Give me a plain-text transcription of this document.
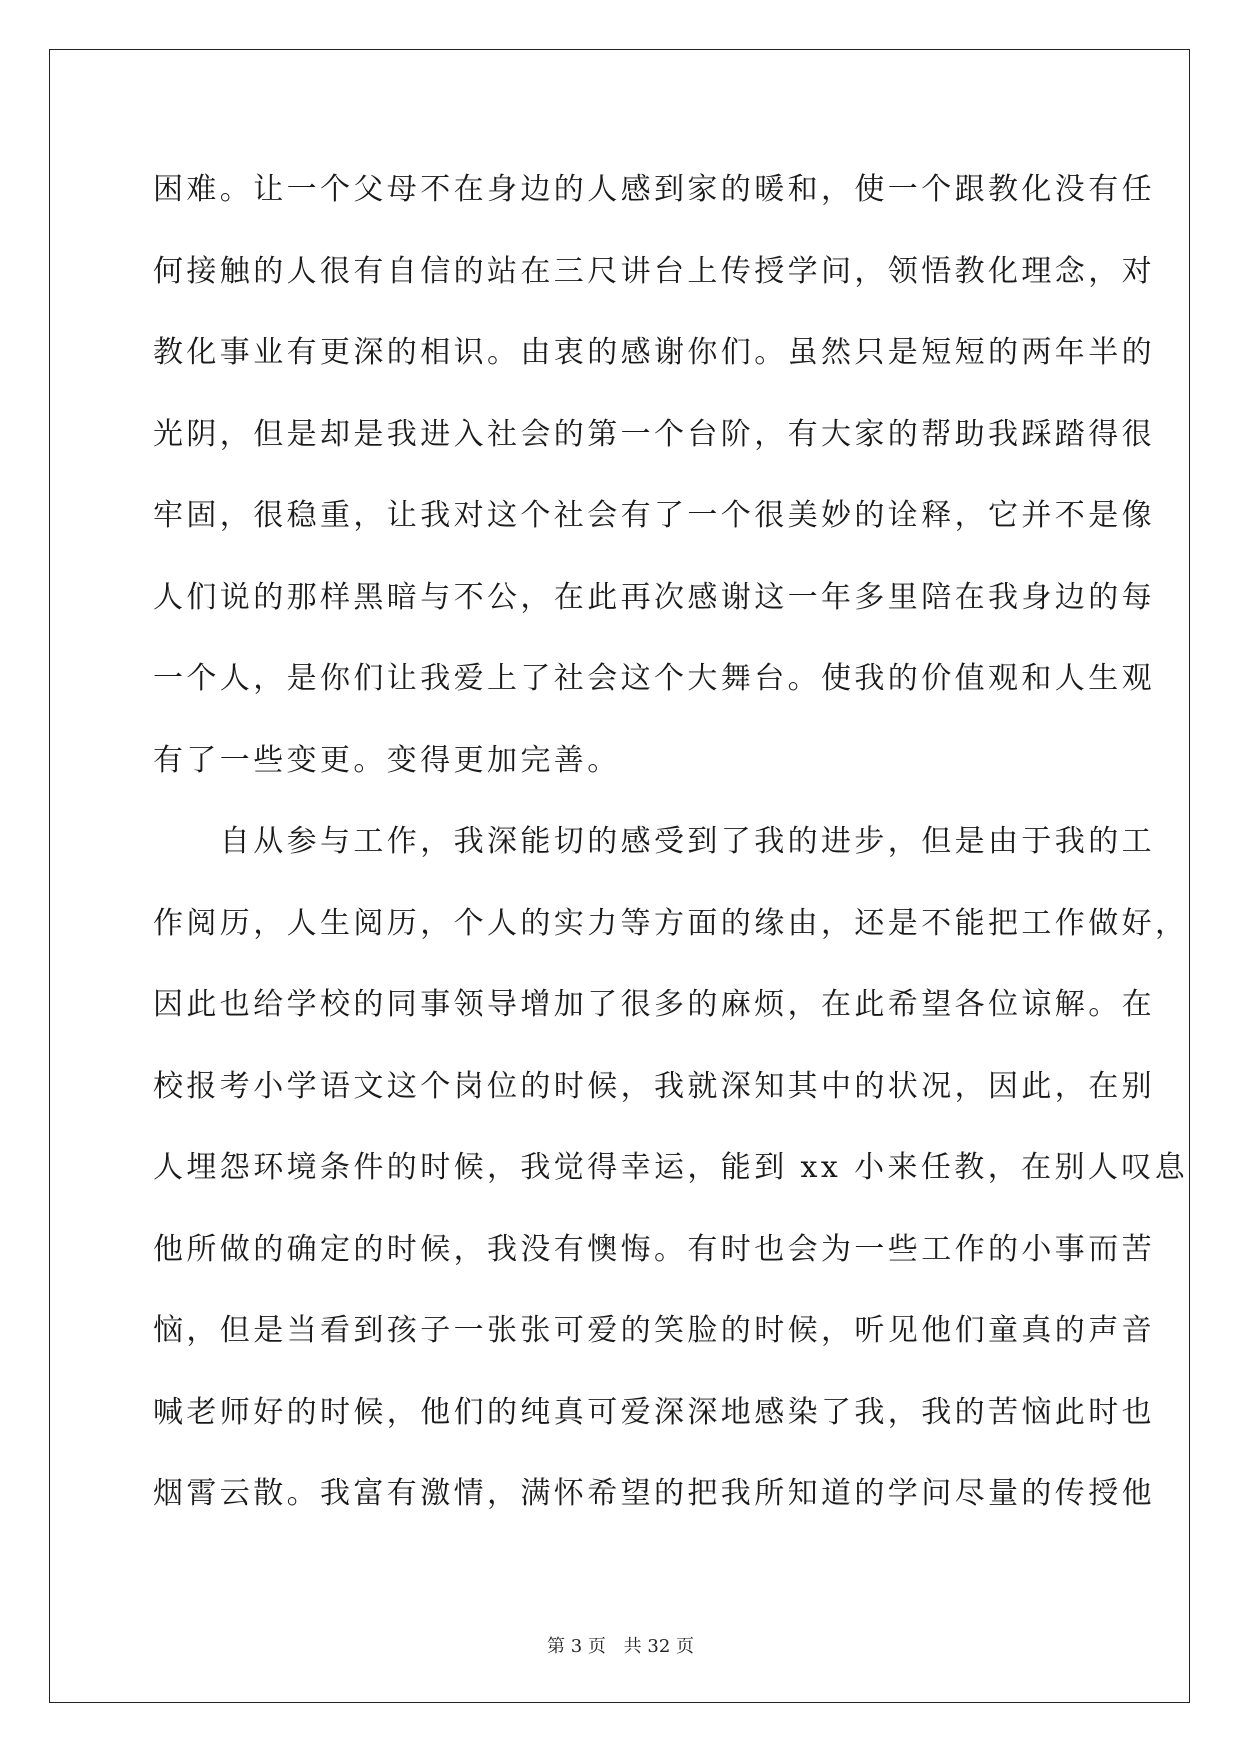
困难。让一个父母不在身边的人感到家的暖和，使一个跟教化没有任
何接触的人很有自信的站在三尺讲台上传授学问，领悟教化理念，对
教化事业有更深的相识。由衷的感谢你们。虽然只是短短的两年半的
光阴，但是却是我进入社会的第一个台阶，有大家的帮助我踩踏得很
牢固，很稳重，让我对这个社会有了一个很美妙的诠释，它并不是像
人们说的那样黑暗与不公，在此再次感谢这一年多里陪在我身边的每
一个人，是你们让我爱上了社会这个大舞台。使我的价值观和人生观
有了一些变更。变得更加完善。
　　自从参与工作，我深能切的感受到了我的进步，但是由于我的工
作阅历，人生阅历，个人的实力等方面的缘由，还是不能把工作做好，
因此也给学校的同事领导增加了很多的麻烦，在此希望各位谅解。在
校报考小学语文这个岗位的时候，我就深知其中的状况，因此，在别
人埋怨环境条件的时候，我觉得幸运，能到 xx 小来任教，在别人叹息
他所做的确定的时候，我没有懊悔。有时也会为一些工作的小事而苦
恼，但是当看到孩子一张张可爱的笑脸的时候，听见他们童真的声音
喊老师好的时候，他们的纯真可爱深深地感染了我，我的苦恼此时也
烟霄云散。我富有激情，满怀希望的把我所知道的学问尽量的传授他
第 3 页 共 32 页
